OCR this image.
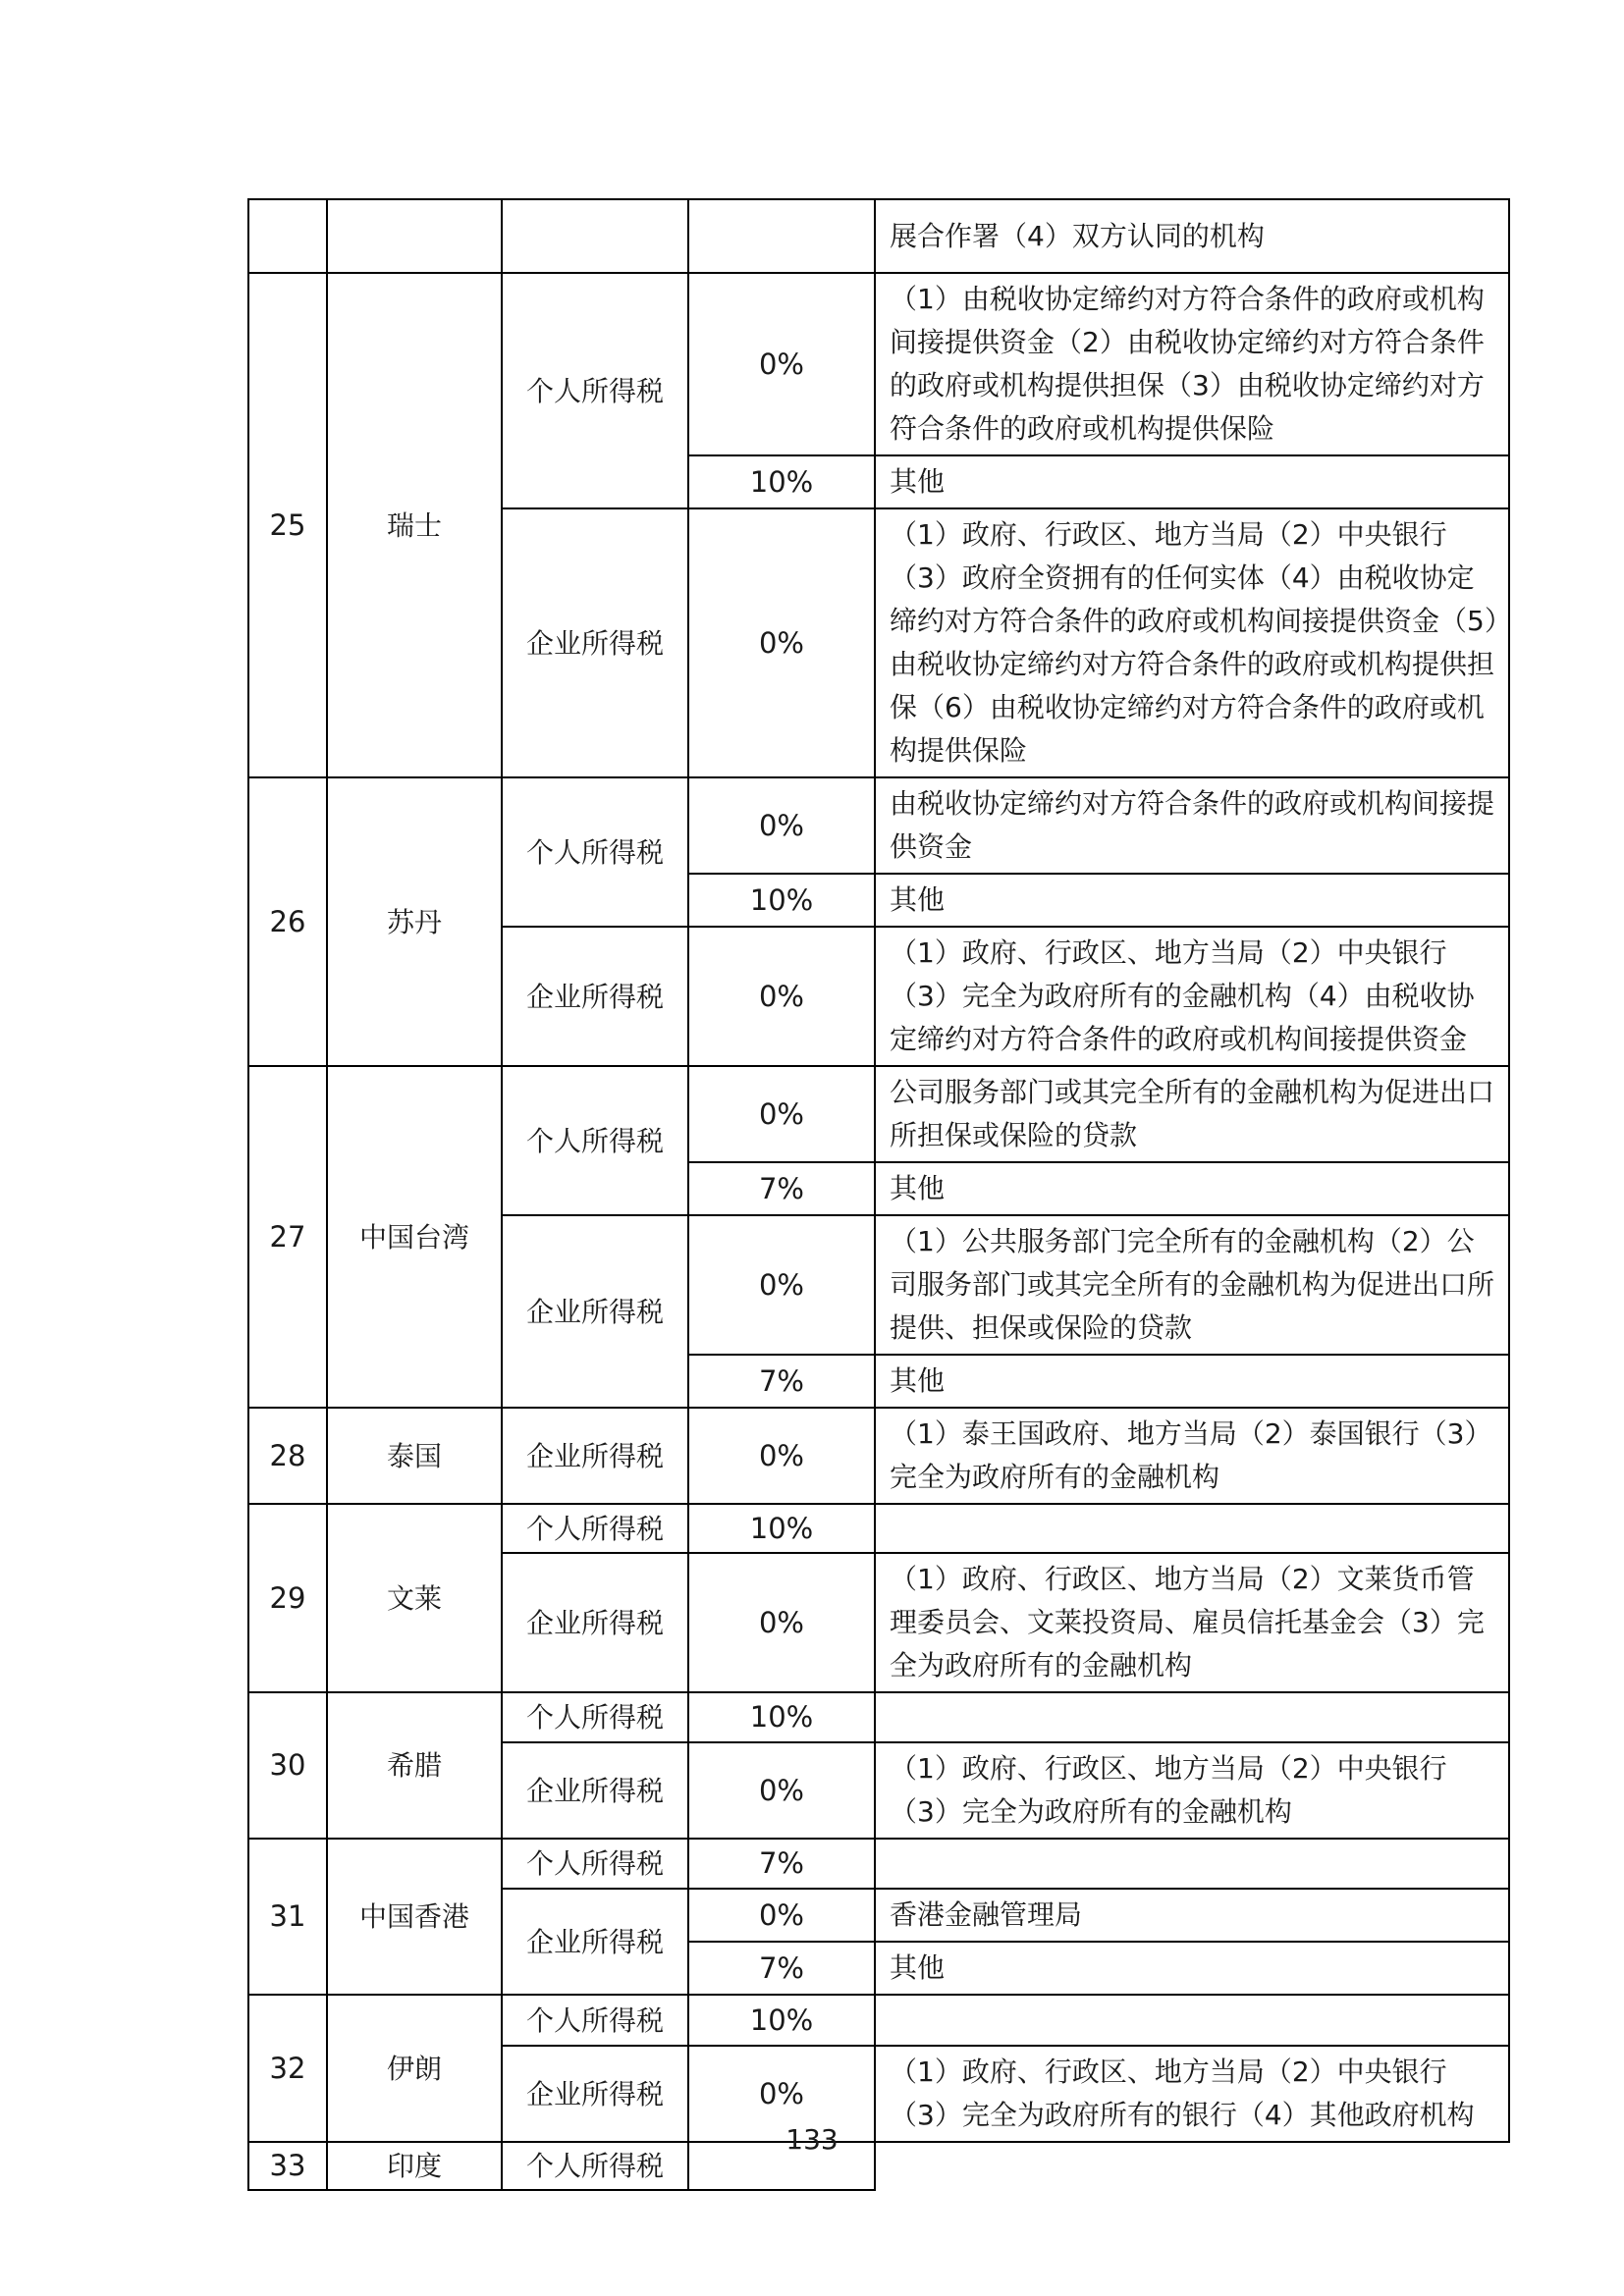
				展合作署（4）双方认同的机构
25	瑞士	个人所得税	0%	（1）由税收协定缔约对方符合条件的政府或机构间接提供资金（2）由税收协定缔约对方符合条件的政府或机构提供担保（3）由税收协定缔约对方符合条件的政府或机构提供保险
			10%	其他
		企业所得税	0%	（1）政府、行政区、地方当局（2）中央银行（3）政府全资拥有的任何实体（4）由税收协定缔约对方符合条件的政府或机构间接提供资金（5）由税收协定缔约对方符合条件的政府或机构提供担保（6）由税收协定缔约对方符合条件的政府或机构提供保险
26	苏丹	个人所得税	0%	由税收协定缔约对方符合条件的政府或机构间接提供资金
			10%	其他
		企业所得税	0%	（1）政府、行政区、地方当局（2）中央银行（3）完全为政府所有的金融机构（4）由税收协定缔约对方符合条件的政府或机构间接提供资金
27	中国台湾	个人所得税	0%	公司服务部门或其完全所有的金融机构为促进出口所担保或保险的贷款
			7%	其他
		企业所得税	0%	（1）公共服务部门完全所有的金融机构（2）公司服务部门或其完全所有的金融机构为促进出口所提供、担保或保险的贷款
			7%	其他
28	泰国	企业所得税	0%	（1）泰王国政府、地方当局（2）泰国银行（3）完全为政府所有的金融机构
29	文莱	个人所得税	10%	
		企业所得税	0%	（1）政府、行政区、地方当局（2）文莱货币管理委员会、文莱投资局、雇员信托基金会（3）完全为政府所有的金融机构
30	希腊	个人所得税	10%	
		企业所得税	0%	（1）政府、行政区、地方当局（2）中央银行（3）完全为政府所有的金融机构
31	中国香港	个人所得税	7%	
		企业所得税	0%	香港金融管理局
			7%	其他
32	伊朗	个人所得税	10%	
		企业所得税	0%	（1）政府、行政区、地方当局（2）中央银行（3）完全为政府所有的银行（4）其他政府机构
33	印度	个人所得税		
133
